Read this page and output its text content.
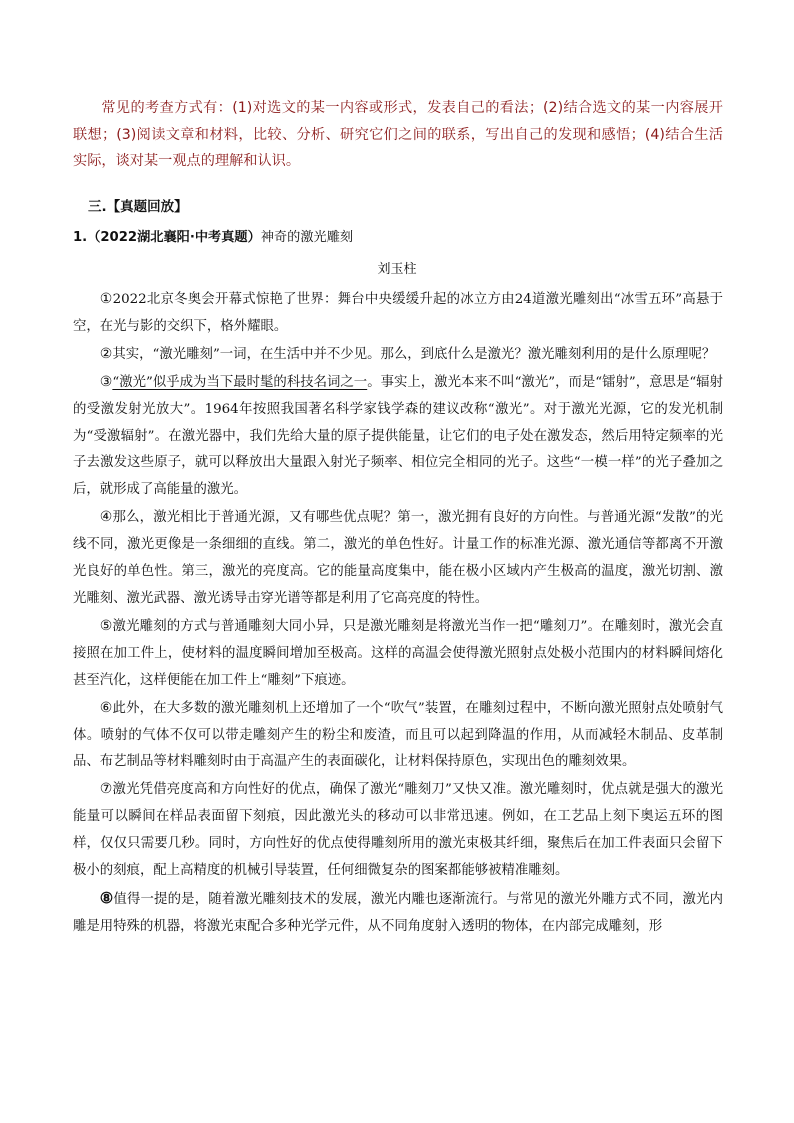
常见的考查方式有：(1)对选文的某一内容或形式，发表自己的看法；(2)结合选文的某一内容展开联想；(3)阅读文章和材料，比较、分析、研究它们之间的联系，写出自己的发现和感悟；(4)结合生活实际，谈对某一观点的理解和认识。
三.【真题回放】
1.（2022湖北襄阳·中考真题）神奇的激光雕刻
刘玉柱

①2022北京冬奥会开幕式惊艳了世界：舞台中央缓缓升起的冰立方由24道激光雕刻出“冰雪五环”高悬于空，在光与影的交织下，格外耀眼。

②其实，“激光雕刻”一词，在生活中并不少见。那么，到底什么是激光？激光雕刻利用的是什么原理呢？

③“激光”似乎成为当下最时髦的科技名词之一。事实上，激光本来不叫“激光”，而是“镭射”，意思是“辐射的受激发射光放大”。1964年按照我国著名科学家钱学森的建议改称“激光”。对于激光光源，它的发光机制为“受激辐射”。在激光器中，我们先给大量的原子提供能量，让它们的电子处在激发态，然后用特定频率的光子去激发这些原子，就可以释放出大量跟入射光子频率、相位完全相同的光子。这些“一模一样”的光子叠加之后，就形成了高能量的激光。

④那么，激光相比于普通光源，又有哪些优点呢？第一，激光拥有良好的方向性。与普通光源“发散”的光线不同，激光更像是一条细细的直线。第二，激光的单色性好。计量工作的标准光源、激光通信等都离不开激光良好的单色性。第三，激光的亮度高。它的能量高度集中，能在极小区域内产生极高的温度，激光切割、激光雕刻、激光武器、激光诱导击穿光谱等都是利用了它高亮度的特性。

⑤激光雕刻的方式与普通雕刻大同小异，只是激光雕刻是将激光当作一把“雕刻刀”。在雕刻时，激光会直接照在加工件上，使材料的温度瞬间增加至极高。这样的高温会使得激光照射点处极小范围内的材料瞬间熔化甚至汽化，这样便能在加工件上“雕刻”下痕迹。

⑥此外，在大多数的激光雕刻机上还增加了一个“吹气”装置，在雕刻过程中，不断向激光照射点处喷射气体。喷射的气体不仅可以带走雕刻产生的粉尘和废渣，而且可以起到降温的作用，从而减轻木制品、皮革制品、布艺制品等材料雕刻时由于高温产生的表面碳化，让材料保持原色，实现出色的雕刻效果。

⑦激光凭借亮度高和方向性好的优点，确保了激光“雕刻刀”又快又准。激光雕刻时，优点就是强大的激光能量可以瞬间在样品表面留下刻痕，因此激光头的移动可以非常迅速。例如，在工艺品上刻下奥运五环的图样，仅仅只需要几秒。同时，方向性好的优点使得雕刻所用的激光束极其纤细，聚焦后在加工件表面只会留下极小的刻痕，配上高精度的机械引导装置，任何细微复杂的图案都能够被精准雕刻。

⑧值得一提的是，随着激光雕刻技术的发展，激光内雕也逐渐流行。与常见的激光外雕方式不同，激光内雕是用特殊的机器，将激光束配合多种光学元件，从不同角度射入透明的物体，在内部完成雕刻，形
